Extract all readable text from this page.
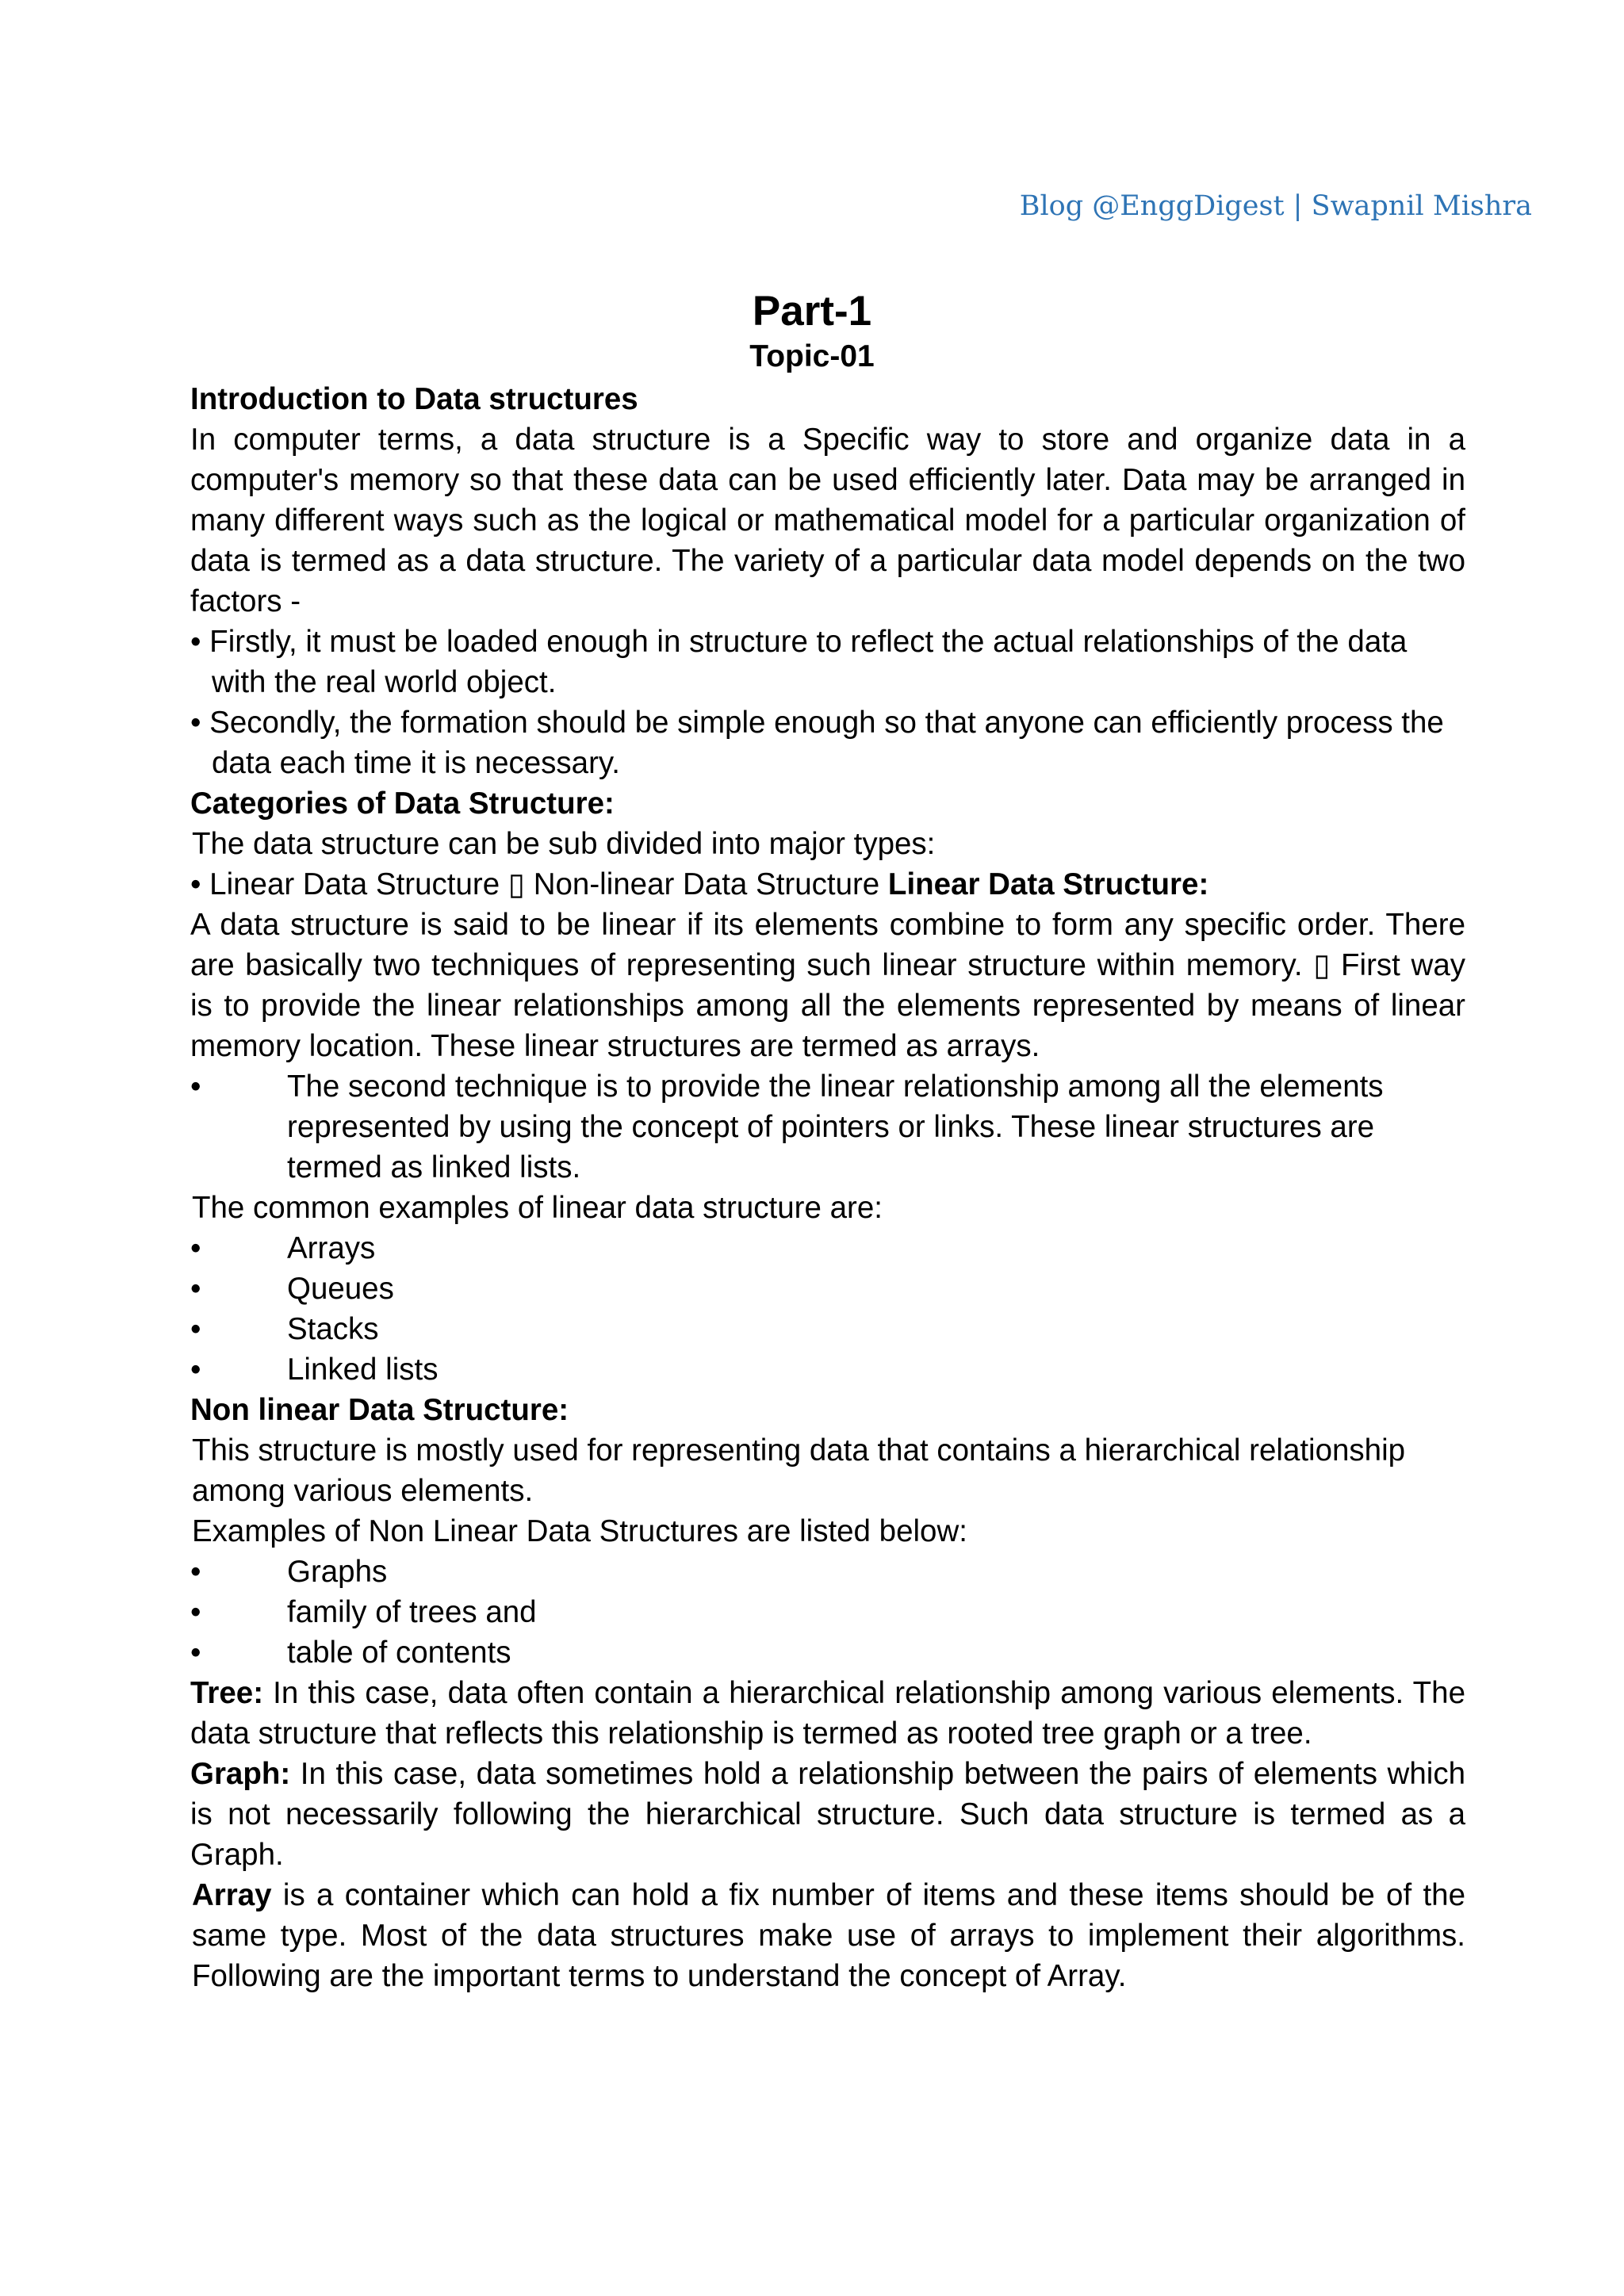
Blog @EnggDigest | Swapnil Mishra
Part-1
Topic-01

Introduction to Data structures

In computer terms, a data structure is a Specific way to store and organize data in a computer's memory so that these data can be used efficiently later. Data may be arranged in many different ways such as the logical or mathematical model for a particular organization of data is termed as a data structure. The variety of a particular data model depends on the two factors -

• Firstly, it must be loaded enough in structure to reflect the actual relationships of the data with the real world object.

• Secondly, the formation should be simple enough so that anyone can efficiently process the data each time it is necessary.

Categories of Data Structure:

The data structure can be sub divided into major types:

• Linear Data Structure ▯ Non-linear Data Structure Linear Data Structure:

A data structure is said to be linear if its elements combine to form any specific order. There are basically two techniques of representing such linear structure within memory. ▯ First way is to provide the linear relationships among all the elements represented by means of linear memory location. These linear structures are termed as arrays.

•	The second technique is to provide the linear relationship among all the elements represented by using the concept of pointers or links. These linear structures are termed as linked lists.

The common examples of linear data structure are:

•	Arrays

•	Queues

•	Stacks

•	Linked lists

Non linear Data Structure:

This structure is mostly used for representing data that contains a hierarchical relationship among various elements.

Examples of Non Linear Data Structures are listed below:

•	Graphs

•	family of trees and

•	table of contents

Tree: In this case, data often contain a hierarchical relationship among various elements. The data structure that reflects this relationship is termed as rooted tree graph or a tree.

Graph: In this case, data sometimes hold a relationship between the pairs of elements which is not necessarily following the hierarchical structure. Such data structure is termed as a Graph.

Array is a container which can hold a fix number of items and these items should be of the same type. Most of the data structures make use of arrays to implement their algorithms. Following are the important terms to understand the concept of Array.
